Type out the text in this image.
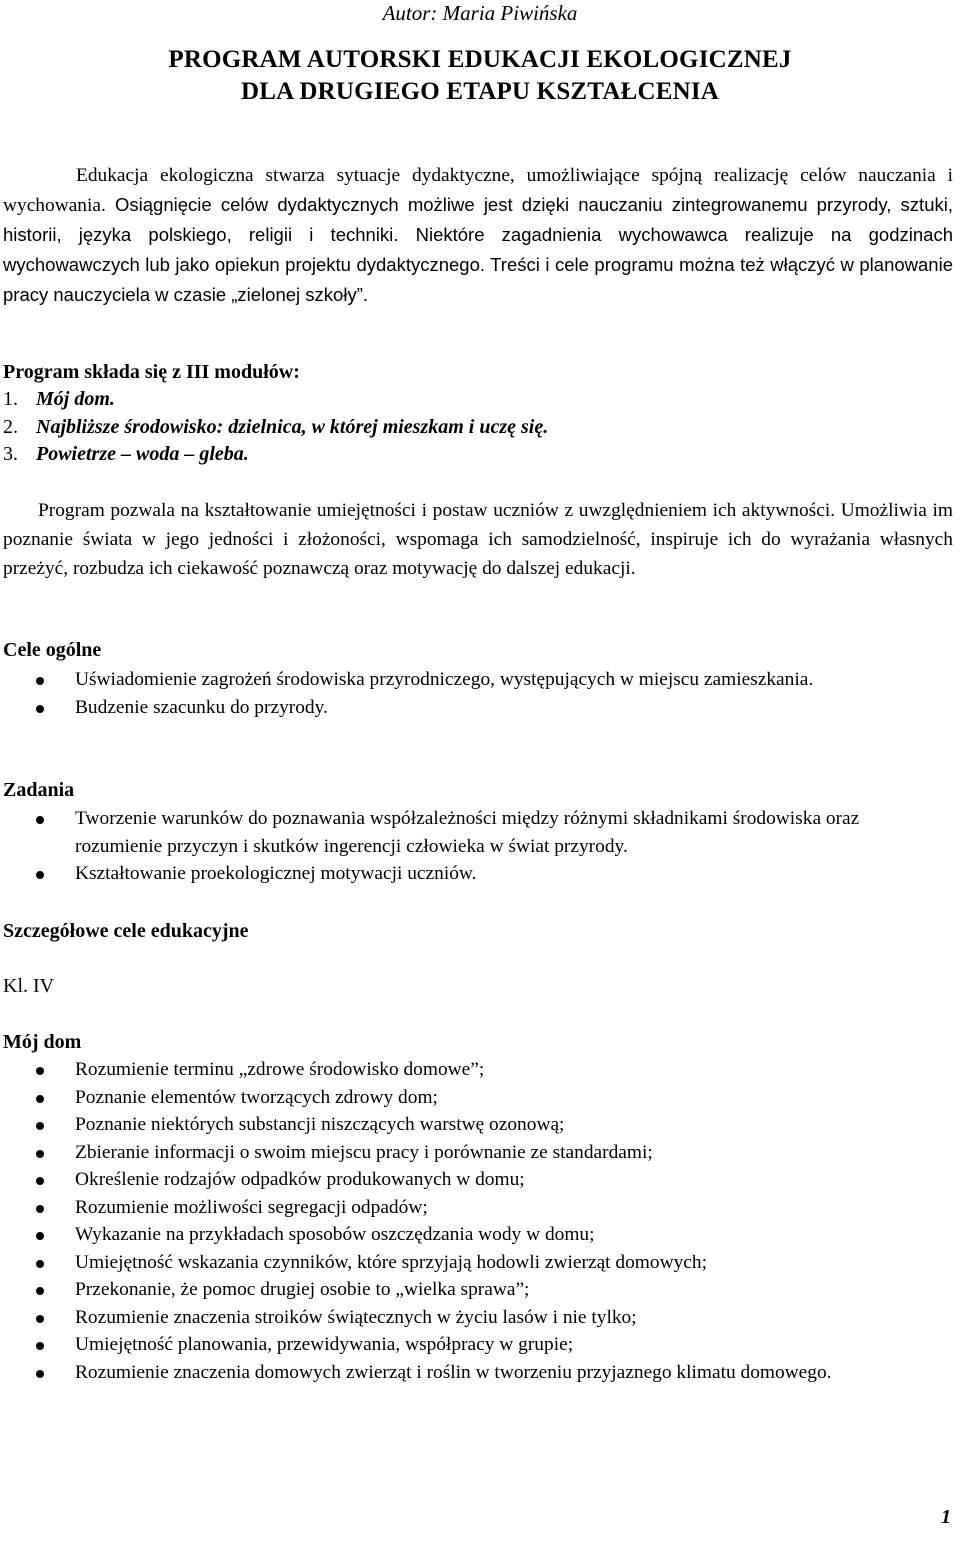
Autor: Maria Piwińska
PROGRAM AUTORSKI EDUKACJI EKOLOGICZNEJ
DLA DRUGIEGO ETAPU KSZTAŁCENIA

Edukacja ekologiczna stwarza sytuacje dydaktyczne, umożliwiające spójną realizację celów nauczania i wychowania. Osiągnięcie celów dydaktycznych możliwe jest dzięki nauczaniu zintegrowanemu przyrody, sztuki, historii, języka polskiego, religii i techniki. Niektóre zagadnienia wychowawca realizuje na godzinach wychowawczych lub jako opiekun projektu dydaktycznego. Treści i cele programu można też włączyć w planowanie pracy nauczyciela w czasie „zielonej szkoły”.

Program składa się z III modułów:
1. Mój dom.
2. Najbliższe środowisko: dzielnica, w której mieszkam i uczę się.
3. Powietrze – woda – gleba.

Program pozwala na kształtowanie umiejętności i postaw uczniów z uwzględnieniem ich aktywności. Umożliwia im poznanie świata w jego jedności i złożoności, wspomaga ich samodzielność, inspiruje ich do wyrażania własnych przeżyć, rozbudza ich ciekawość poznawczą oraz motywację do dalszej edukacji.

Cele ogólne
Uświadomienie zagrożeń środowiska przyrodniczego, występujących w miejscu zamieszkania.
Budzenie szacunku do przyrody.
Zadania
Tworzenie warunków do poznawania współzależności między różnymi składnikami środowiska oraz rozumienie przyczyn i skutków ingerencji człowieka w świat przyrody.
Kształtowanie proekologicznej motywacji uczniów.
Szczegółowe cele edukacyjne

Kl. IV

Mój dom
Rozumienie terminu „zdrowe środowisko domowe”;
Poznanie elementów tworzących zdrowy dom;
Poznanie niektórych substancji niszczących warstwę ozonową;
Zbieranie informacji o swoim miejscu pracy i porównanie ze standardami;
Określenie rodzajów odpadków produkowanych w domu;
Rozumienie możliwości segregacji odpadów;
Wykazanie na przykładach sposobów oszczędzania wody w domu;
Umiejętność wskazania czynników, które sprzyjają hodowli zwierząt domowych;
Przekonanie, że pomoc drugiej osobie to „wielka sprawa”;
Rozumienie znaczenia stroików świątecznych w życiu lasów i nie tylko;
Umiejętność planowania, przewidywania, współpracy w grupie;
Rozumienie znaczenia domowych zwierząt i roślin w tworzeniu przyjaznego klimatu domowego.
1
